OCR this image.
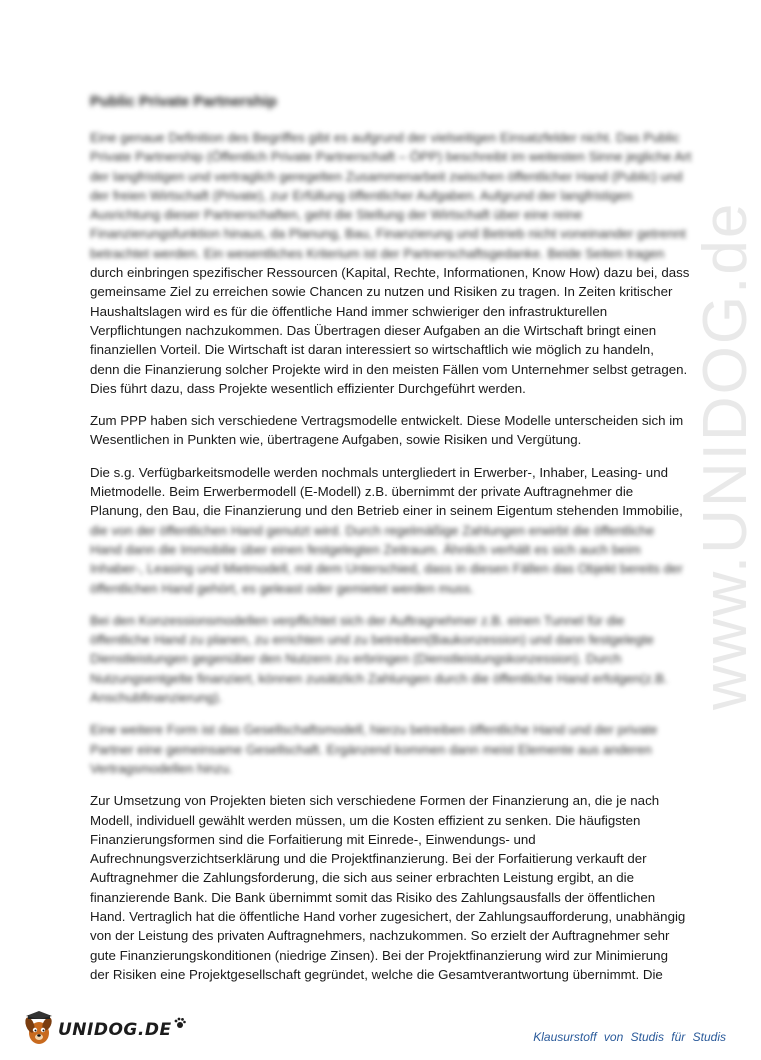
www.UNIDOG.de
Public Private Partnership
Eine genaue Definition des Begriffes gibt es aufgrund der vielseitigen Einsatzfelder nicht. Das Public
Private Partnership (Öffentlich Private Partnerschaft – ÖPP) beschreibt im weitesten Sinne jegliche Art
der langfristigen und vertraglich geregelten Zusammenarbeit zwischen öffentlicher Hand (Public) und
der freien Wirtschaft (Private), zur Erfüllung öffentlicher Aufgaben. Aufgrund der langfristigen
Ausrichtung dieser Partnerschaften, geht die Stellung der Wirtschaft über eine reine
Finanzierungsfunktion hinaus, da Planung, Bau, Finanzierung und Betrieb nicht voneinander getrennt
betrachtet werden. Ein wesentliches Kriterium ist der Partnerschaftsgedanke. Beide Seiten tragen
durch einbringen spezifischer Ressourcen (Kapital, Rechte, Informationen, Know How) dazu bei, dass
gemeinsame Ziel zu erreichen sowie Chancen zu nutzen und Risiken zu tragen. In Zeiten kritischer
Haushaltslagen wird es für die öffentliche Hand immer schwieriger den infrastrukturellen
Verpflichtungen nachzukommen. Das Übertragen dieser Aufgaben an die Wirtschaft bringt einen
finanziellen Vorteil. Die Wirtschaft ist daran interessiert so wirtschaftlich wie möglich zu handeln,
denn die Finanzierung solcher Projekte wird in den meisten Fällen vom Unternehmer selbst getragen.
Dies führt dazu, dass Projekte wesentlich effizienter Durchgeführt werden.
Zum PPP haben sich verschiedene Vertragsmodelle entwickelt. Diese Modelle unterscheiden sich im
Wesentlichen in Punkten wie, übertragene Aufgaben, sowie Risiken und Vergütung.
Die s.g. Verfügbarkeitsmodelle werden nochmals untergliedert in Erwerber-, Inhaber, Leasing- und
Mietmodelle. Beim Erwerbermodell (E-Modell) z.B. übernimmt der private Auftragnehmer die
Planung, den Bau, die Finanzierung und den Betrieb einer in seinem Eigentum stehenden Immobilie,
die von der öffentlichen Hand genutzt wird. Durch regelmäßige Zahlungen erwirbt die öffentliche
Hand dann die Immobilie über einen festgelegten Zeitraum. Ähnlich verhält es sich auch beim
Inhaber-, Leasing und Mietmodell, mit dem Unterschied, dass in diesen Fällen das Objekt bereits der
öffentlichen Hand gehört, es geleast oder gemietet werden muss.
Bei den Konzessionsmodellen verpflichtet sich der Auftragnehmer z.B. einen Tunnel für die
öffentliche Hand zu planen, zu errichten und zu betreiben(Baukonzession) und dann festgelegte
Dienstleistungen gegenüber den Nutzern zu erbringen (Dienstleistungskonzession). Durch
Nutzungsentgelte finanziert, können zusätzlich Zahlungen durch die öffentliche Hand erfolgen(z.B.
Anschubfinanzierung).
Eine weitere Form ist das Gesellschaftsmodell, hierzu betreiben öffentliche Hand und der private
Partner eine gemeinsame Gesellschaft. Ergänzend kommen dann meist Elemente aus anderen
Vertragsmodellen hinzu.
Zur Umsetzung von Projekten bieten sich verschiedene Formen der Finanzierung an, die je nach
Modell, individuell gewählt werden müssen, um die Kosten effizient zu senken. Die häufigsten
Finanzierungsformen sind die Forfaitierung mit Einrede-, Einwendungs- und
Aufrechnungsverzichtserklärung und die Projektfinanzierung. Bei der Forfaitierung verkauft der
Auftragnehmer die Zahlungsforderung, die sich aus seiner erbrachten Leistung ergibt, an die
finanzierende Bank. Die Bank übernimmt somit das Risiko des Zahlungsausfalls der öffentlichen
Hand. Vertraglich hat die öffentliche Hand vorher zugesichert, der Zahlungsaufforderung, unabhängig
von der Leistung des privaten Auftragnehmers, nachzukommen. So erzielt der Auftragnehmer sehr
gute Finanzierungskonditionen (niedrige Zinsen). Bei der Projektfinanzierung wird zur Minimierung
der Risiken eine Projektgesellschaft gegründet, welche die Gesamtverantwortung übernimmt. Die
UNIDOG.DE	Klausurstoff von Studis für Studis
